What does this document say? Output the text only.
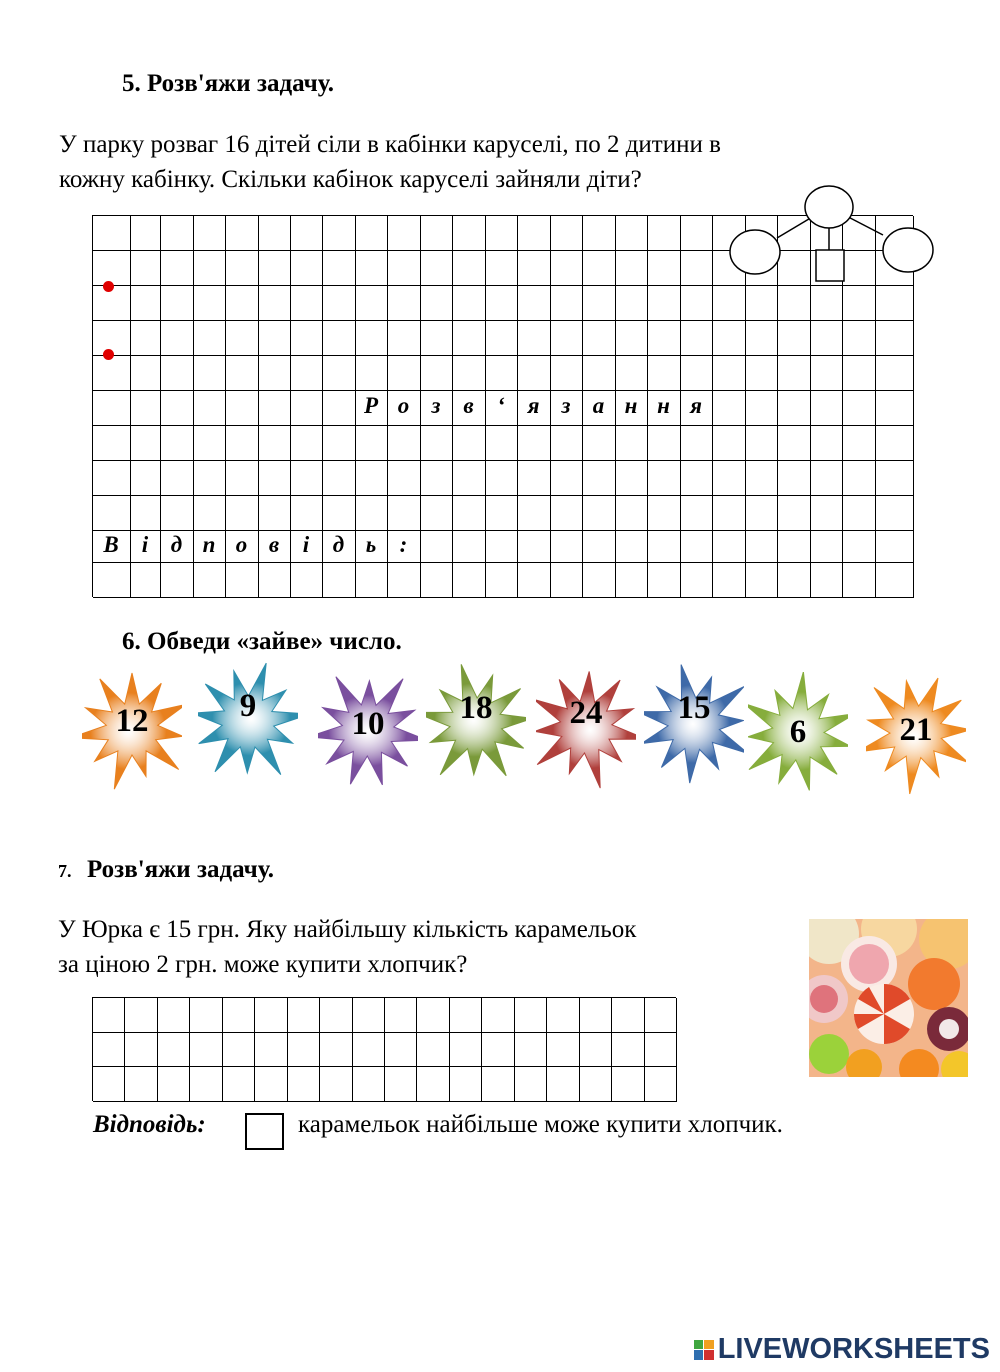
5. Розв'яжи задачу.
У парку розваг 16 дітей сіли в кабінки каруселі, по 2 дитини в
кожну кабінку. Скільки кабінок каруселі зайняли діти?
6. Обведи «зайве» число.
7. Розв'яжи задачу.
У Юрка є 15 грн. Яку найбільшу кількість карамельок
за ціною 2 грн. може купити хлопчик?
Відповідь:	карамельок найбільше може купити хлопчик.
LIVEWORKSHEETS
Р о з в	‘ я з а н н я
В	і д п о в	і	д ь	:
12	9	10	18	24	15
6	21
